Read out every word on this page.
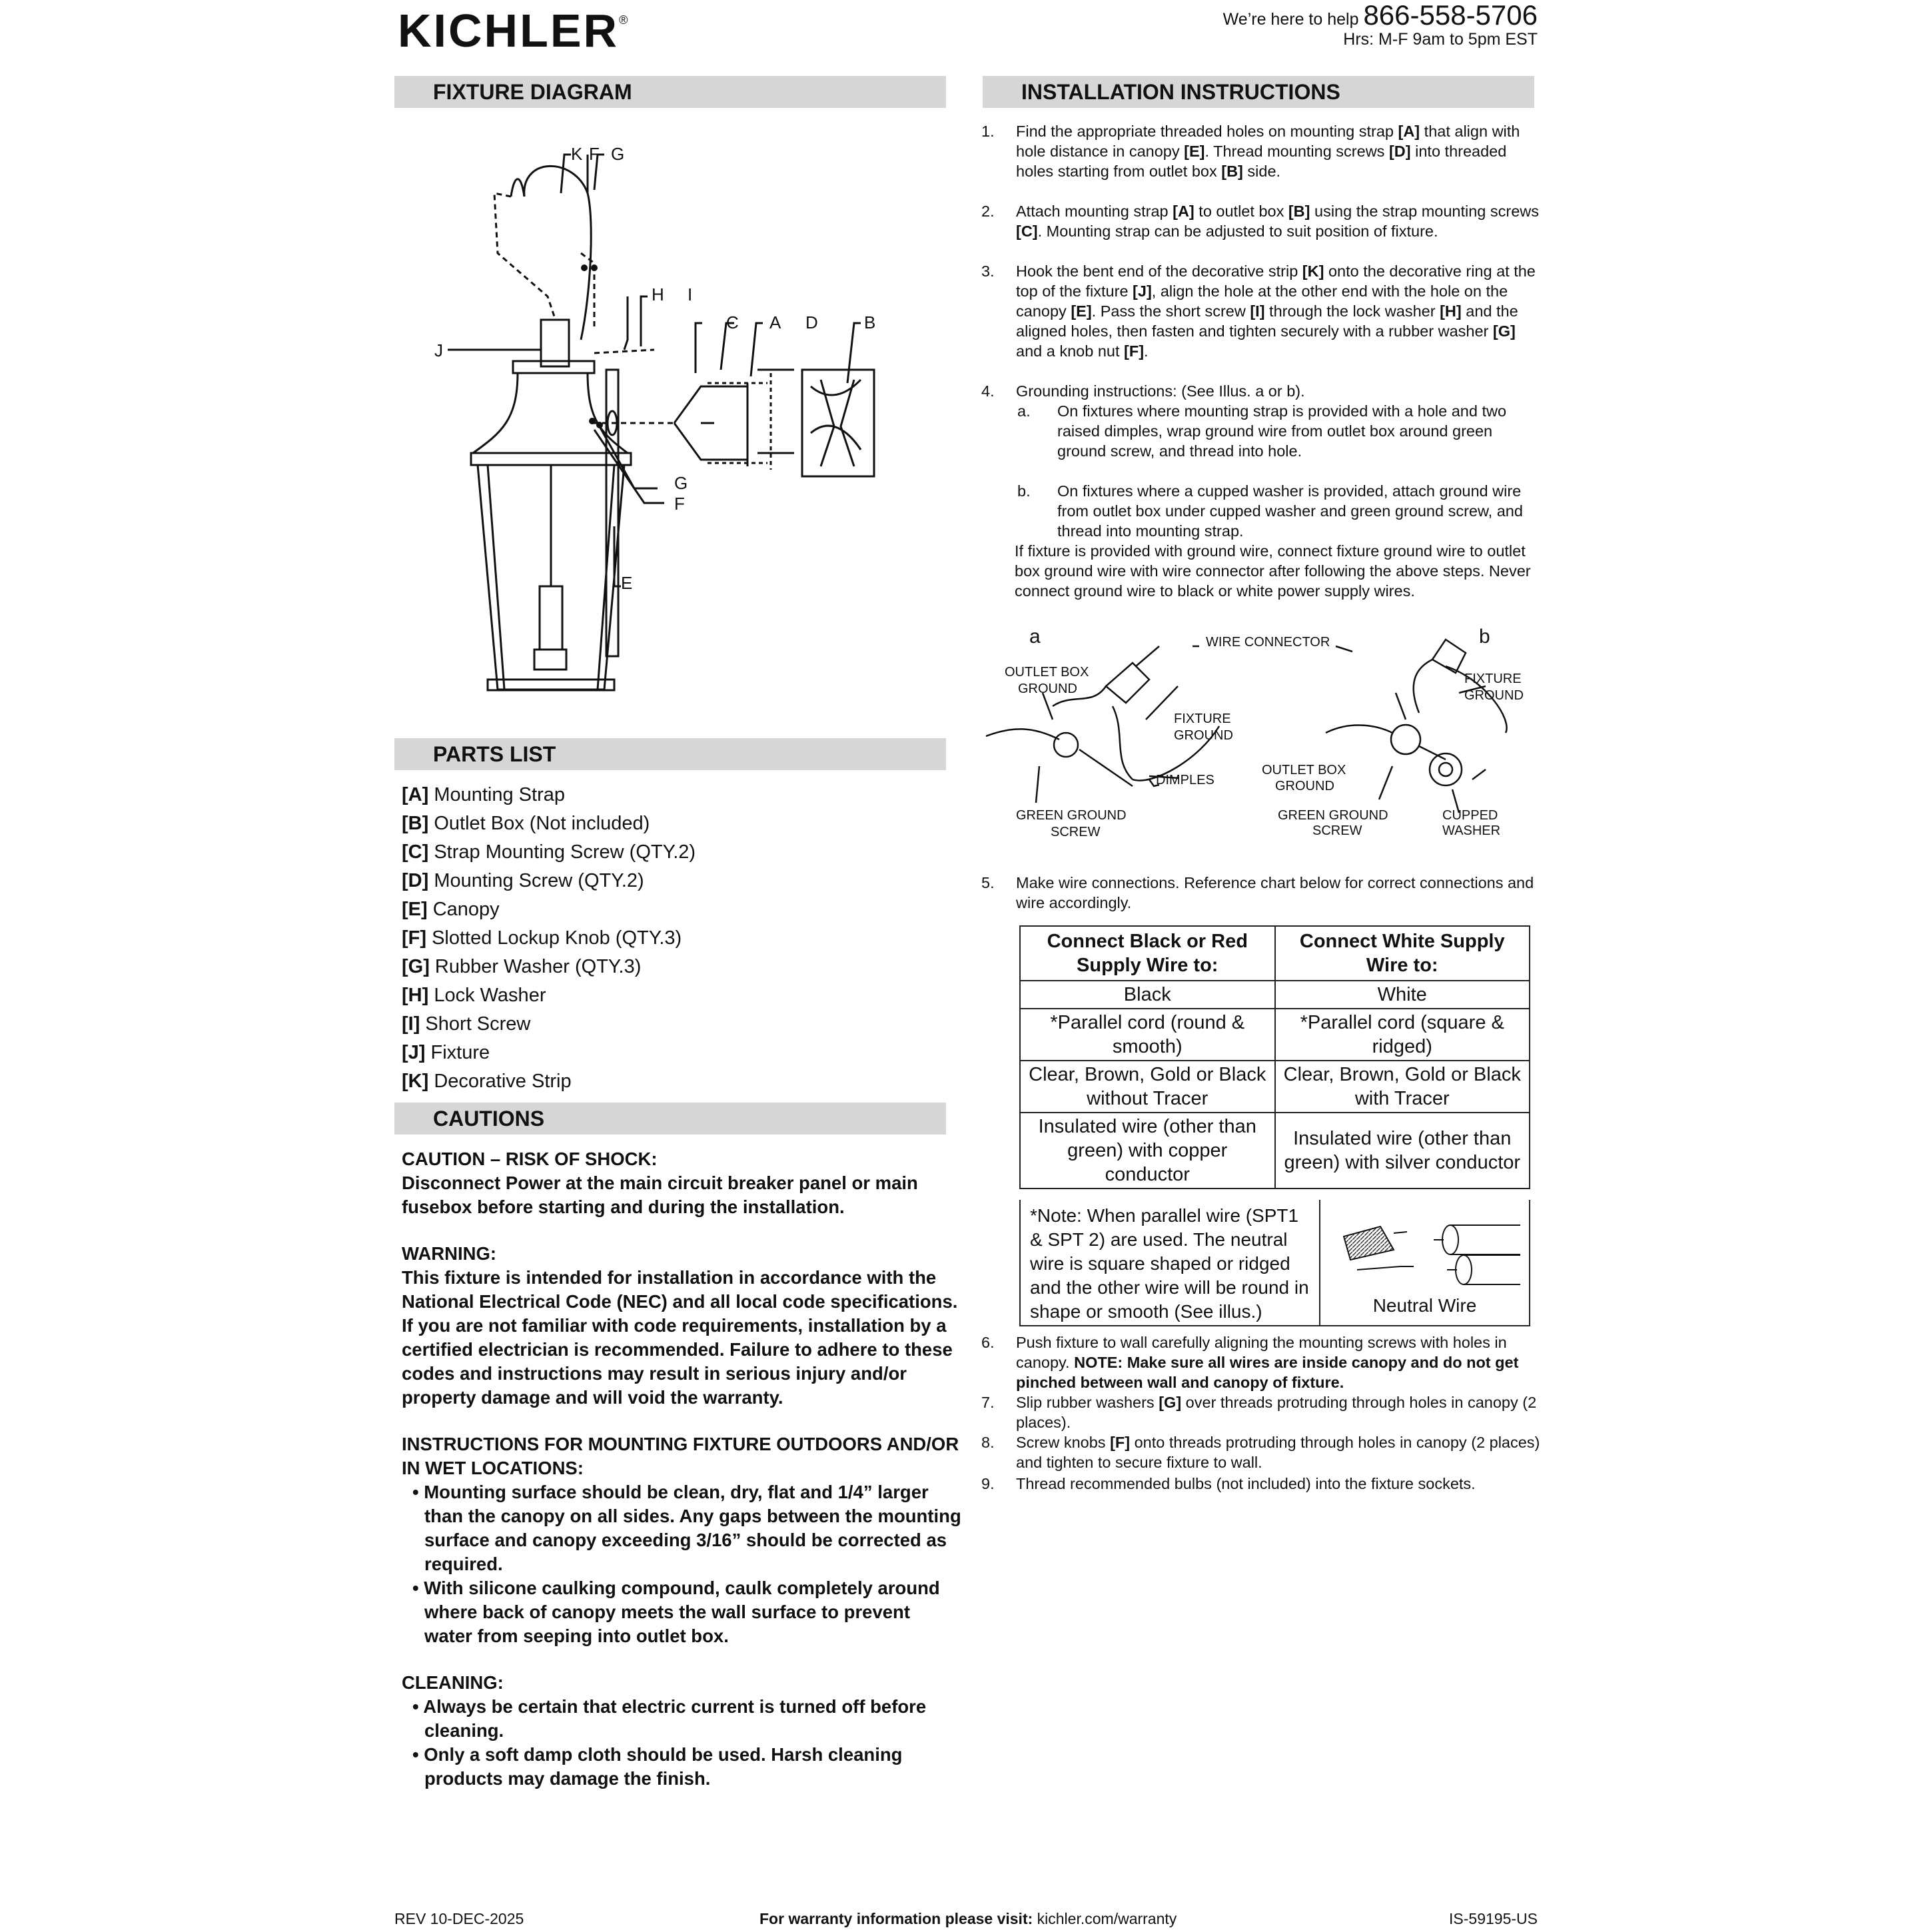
KICHLER®	We’re here to help 866-558-5706
Hrs: M-F 9am to 5pm EST
FIXTURE DIAGRAM	INSTALLATION INSTRUCTIONS
PARTS LIST
CAUTIONS
K F G
H I
C A D	B
J
G
F
E
[A] Mounting Strap
[B] Outlet Box (Not included)
[C] Strap Mounting Screw (QTY.2)
[D] Mounting Screw (QTY.2)
[E] Canopy
[F] Slotted Lockup Knob (QTY.3)
[G] Rubber Washer (QTY.3)
[H] Lock Washer
[I] Short Screw
[J] Fixture
[K] Decorative Strip

CAUTION – RISK OF SHOCK:
Disconnect Power at the main circuit breaker panel or main fusebox before starting and during the installation.

WARNING:
This fixture is intended for installation in accordance with the National Electrical Code (NEC) and all local code specifications. If you are not familiar with code requirements, installation by a certified electrician is recommended. Failure to adhere to these codes and instructions may result in serious injury and/or property damage and will void the warranty.

INSTRUCTIONS FOR MOUNTING FIXTURE OUTDOORS AND/OR IN WET LOCATIONS:
• Mounting surface should be clean, dry, flat and 1/4” larger than the canopy on all sides. Any gaps between the mounting surface and canopy exceeding 3/16” should be corrected as required.
• With silicone caulking compound, caulk completely around where back of canopy meets the wall surface to prevent water from seeping into outlet box.

CLEANING:
• Always be certain that electric current is turned off before cleaning.
• Only a soft damp cloth should be used. Harsh cleaning products may damage the finish.

1. Find the appropriate threaded holes on mounting strap [A] that align with hole distance in canopy [E]. Thread mounting screws [D] into threaded holes starting from outlet box [B] side.
2. Attach mounting strap [A] to outlet box [B] using the strap mounting screws [C]. Mounting strap can be adjusted to suit position of fixture.
3. Hook the bent end of the decorative strip [K] onto the decorative ring at the top of the fixture [J], align the hole at the other end with the hole on the canopy [E]. Pass the short screw [I] through the lock washer [H] and the aligned holes, then fasten and tighten securely with a rubber washer [G] and a knob nut [F].
4. Grounding instructions: (See Illus. a or b).
a. On fixtures where mounting strap is provided with a hole and two raised dimples, wrap ground wire from outlet box around green ground screw, and thread into hole.
b. On fixtures where a cupped washer is provided, attach ground wire from outlet box under cupped washer and green ground screw, and thread into mounting strap.
If fixture is provided with ground wire, connect fixture ground wire to outlet box ground wire with wire connector after following the above steps. Never connect ground wire to black or white power supply wires.
5. Make wire connections. Reference chart below for correct connections and wire accordingly.
6. Push fixture to wall carefully aligning the mounting screws with holes in canopy. NOTE: Make sure all wires are inside canopy and do not get pinched between wall and canopy of fixture.
7. Slip rubber washers [G] over threads protruding through holes in canopy (2 places).
8. Screw knobs [F] onto threads protruding through holes in canopy (2 places) and tighten to secure fixture to wall.
9. Thread recommended bulbs (not included) into the fixture sockets.
a	b
WIRE CONNECTOR
OUTLET BOX
GROUND
FIXTURE
GROUND
DIMPLES
GREEN GROUND
SCREW
FIXTURE
GROUND
OUTLET BOX
GROUND
GREEN GROUND
SCREW
CUPPED
WASHER
Connect Black or Red Supply Wire to:	Connect White Supply Wire to:
Black	White
*Parallel cord (round & smooth)	*Parallel cord (square & ridged)
Clear, Brown, Gold or Black without Tracer	Clear, Brown, Gold or Black with Tracer
Insulated wire (other than green) with copper conductor	Insulated wire (other than green) with silver conductor
*Note: When parallel wire (SPT1 & SPT 2) are used. The neutral wire is square shaped or ridged and the other wire will be round in shape or smooth (See illus.)	Neutral Wire
REV 10-DEC-2025	For warranty information please visit: kichler.com/warranty	IS-59195-US
